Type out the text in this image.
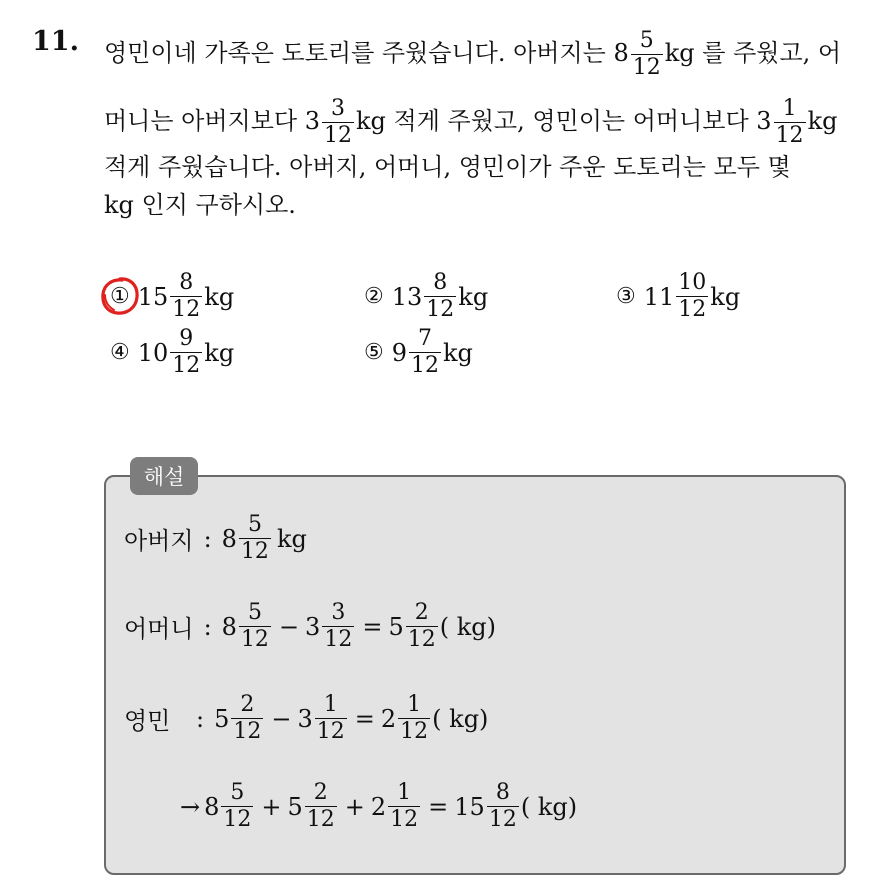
11. 영민이네 가족은 도토리를 주웠습니다. 아버지는 $8 \frac{5}{12}$ kg 를 주웠고, 어
머니는 아버지보다 $3 \frac{3}{12}$ kg 적게 주웠고, 영민이는 어머니보다 $3 \frac{1}{12}$ kg
적게 주웠습니다. 아버지, 어머니, 영민이가 주운 도토리는 모두 몇
kg 인지 구하시오.
① $15 \frac{8}{12}$ kg	② $13 \frac{8}{12}$ kg	③ $11 \frac{10}{12}$ kg
④ $10 \frac{9}{12}$ kg	⑤ $9 \frac{7}{12}$ kg
해설
아버지 : $8 \frac{5}{12}$ kg
어머니 : $8 \frac{5}{12} - 3 \frac{3}{12} = 5 \frac{2}{12}$ ( kg)
영민	: $5 \frac{2}{12} - 3 \frac{1}{12} = 2 \frac{1}{12}$ ( kg)
→ $8 \frac{5}{12} + 5 \frac{2}{12} + 2 \frac{1}{12} = 15 \frac{8}{12}$ ( kg)
